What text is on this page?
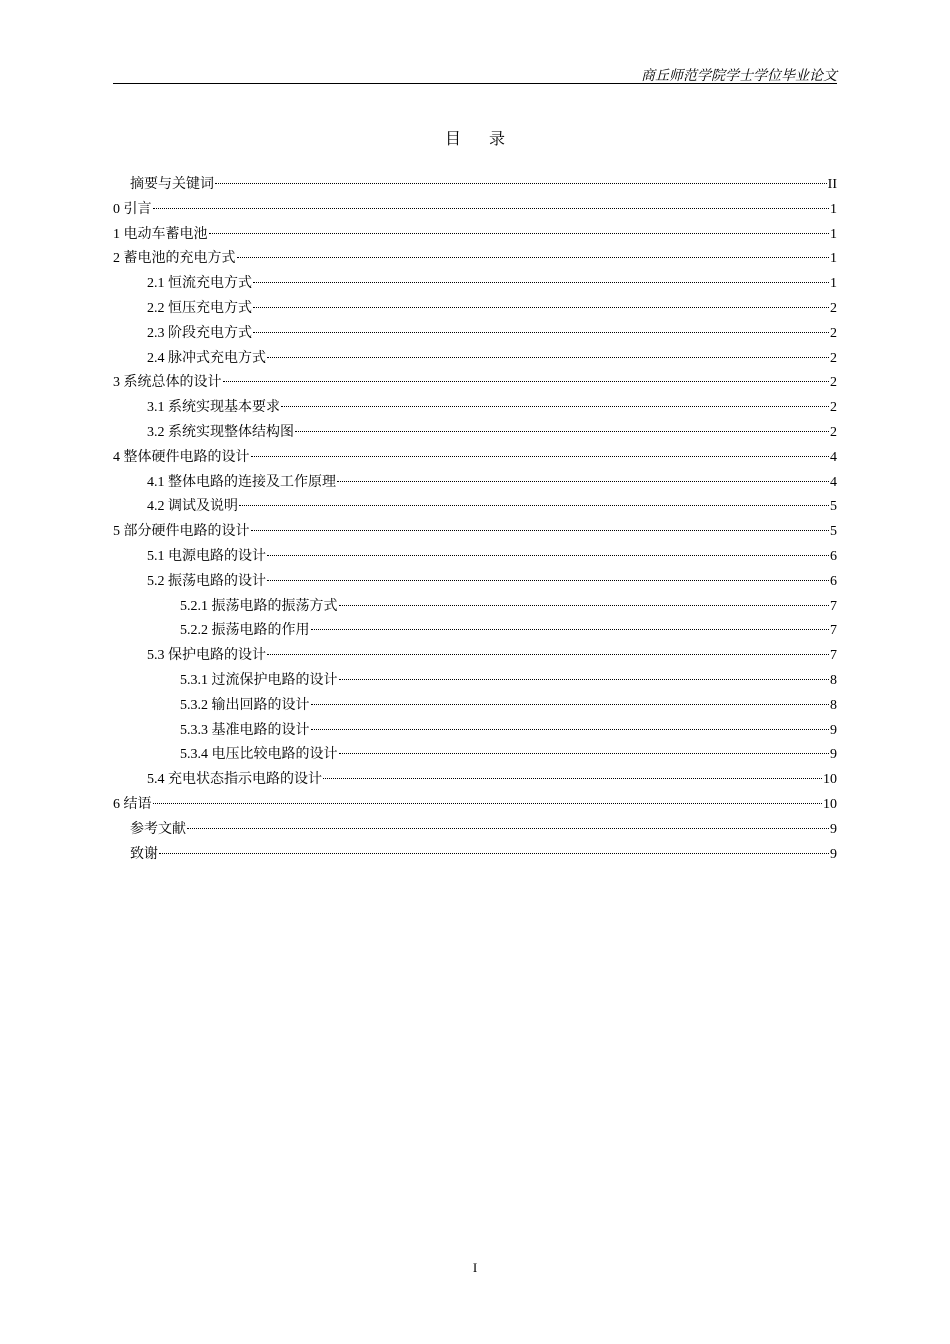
商丘师范学院学士学位毕业论文
目 录
摘要与关键词	II
0 引言	1
1 电动车蓄电池	1
2 蓄电池的充电方式	1
2.1 恒流充电方式	1
2.2 恒压充电方式	2
2.3 阶段充电方式	2
2.4 脉冲式充电方式	2
3 系统总体的设计	2
3.1 系统实现基本要求	2
3.2 系统实现整体结构图	2
4 整体硬件电路的设计	4
4.1 整体电路的连接及工作原理	4
4.2 调试及说明	5
5 部分硬件电路的设计	5
5.1 电源电路的设计	6
5.2 振荡电路的设计	6
5.2.1 振荡电路的振荡方式	7
5.2.2 振荡电路的作用	7
5.3 保护电路的设计	7
5.3.1 过流保护电路的设计	8
5.3.2 输出回路的设计	8
5.3.3 基准电路的设计	9
5.3.4 电压比较电路的设计	9
5.4 充电状态指示电路的设计	10
6 结语	10
参考文献	9
致谢	9
I
